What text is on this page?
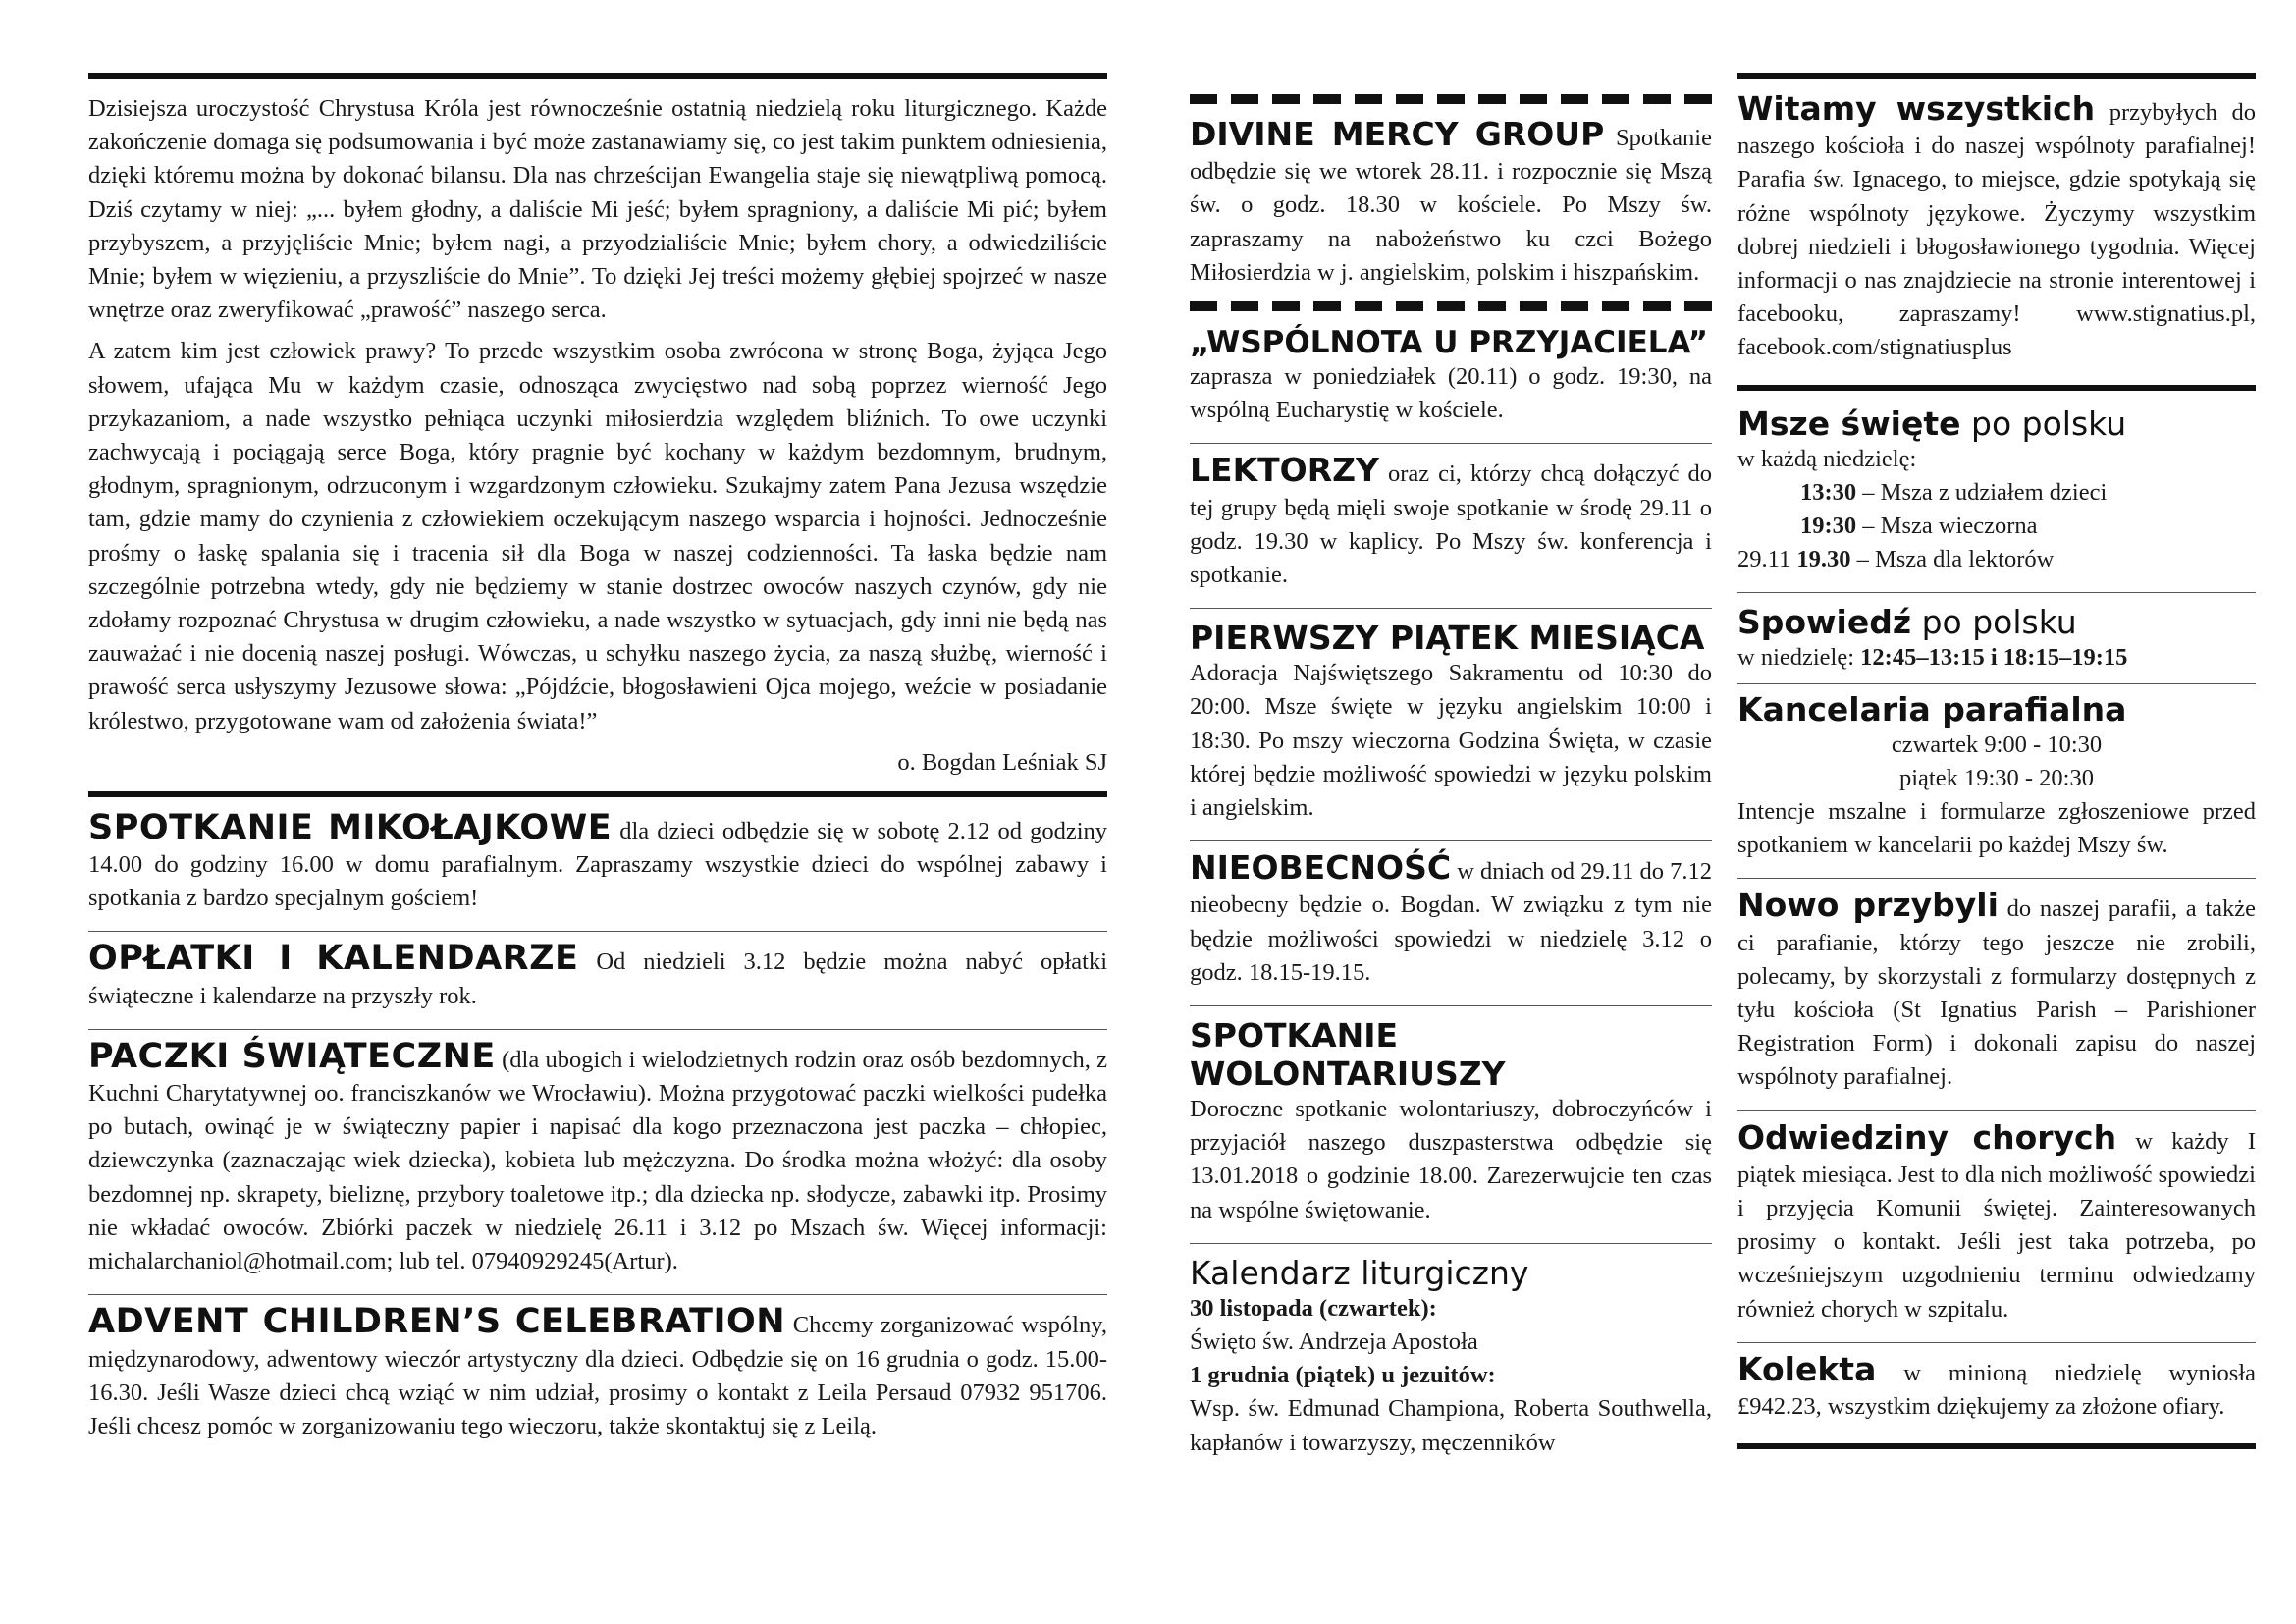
Dzisiejsza uroczystość Chrystusa Króla jest równocześnie ostatnią niedzielą roku liturgicznego. Każde zakończenie domaga się podsumowania i być może zastanawiamy się, co jest takim punktem odniesienia, dzięki któremu można by dokonać bilansu. Dla nas chrześcijan Ewangelia staje się niewątpliwą pomocą. Dziś czytamy w niej: „... byłem głodny, a daliście Mi jeść; byłem spragniony, a daliście Mi pić; byłem przybyszem, a przyjęliście Mnie; byłem nagi, a przyodzialiście Mnie; byłem chory, a odwiedziliście Mnie; byłem w więzieniu, a przyszliście do Mnie”. To dzięki Jej treści możemy głębiej spojrzeć w nasze wnętrze oraz zweryfikować „prawość” naszego serca.

A zatem kim jest człowiek prawy? To przede wszystkim osoba zwrócona w stronę Boga, żyjąca Jego słowem, ufająca Mu w każdym czasie, odnosząca zwycięstwo nad sobą poprzez wierność Jego przykazaniom, a nade wszystko pełniąca uczynki miłosierdzia względem bliźnich. To owe uczynki zachwycają i pociągają serce Boga, który pragnie być kochany w każdym bezdomnym, brudnym, głodnym, spragnionym, odrzuconym i wzgardzonym człowieku. Szukajmy zatem Pana Jezusa wszędzie tam, gdzie mamy do czynienia z człowiekiem oczekującym naszego wsparcia i hojności. Jednocześnie prośmy o łaskę spalania się i tracenia sił dla Boga w naszej codzienności. Ta łaska będzie nam szczególnie potrzebna wtedy, gdy nie będziemy w stanie dostrzec owoców naszych czynów, gdy nie zdołamy rozpoznać Chrystusa w drugim człowieku, a nade wszystko w sytuacjach, gdy inni nie będą nas zauważać i nie docenią naszej posługi. Wówczas, u schyłku naszego życia, za naszą służbę, wierność i prawość serca usłyszymy Jezusowe słowa: „Pójdźcie, błogosławieni Ojca mojego, weźcie w posiadanie królestwo, przygotowane wam od założenia świata!”

o. Bogdan Leśniak SJ

SPOTKANIE MIKOŁAJKOWE dla dzieci odbędzie się w sobotę 2.12 od godziny 14.00 do godziny 16.00 w domu parafialnym. Zapraszamy wszystkie dzieci do wspólnej zabawy i spotkania z bardzo specjalnym gościem!

OPŁATKI I KALENDARZE Od niedzieli 3.12 będzie można nabyć opłatki świąteczne i kalendarze na przyszły rok.

PACZKI ŚWIĄTECZNE (dla ubogich i wielodzietnych rodzin oraz osób bezdomnych, z Kuchni Charytatywnej oo. franciszkanów we Wrocławiu). Można przygotować paczki wielkości pudełka po butach, owinąć je w świąteczny papier i napisać dla kogo przeznaczona jest paczka – chłopiec, dziewczynka (zaznaczając wiek dziecka), kobieta lub mężczyzna. Do środka można włożyć: dla osoby bezdomnej np. skrapety, bieliznę, przybory toaletowe itp.; dla dziecka np. słodycze, zabawki itp. Prosimy nie wkładać owoców. Zbiórki paczek w niedzielę 26.11 i 3.12 po Mszach św. Więcej informacji: michalarchaniol@hotmail.com; lub tel. 07940929245(Artur).

ADVENT CHILDREN’S CELEBRATION Chcemy zorganizować wspólny, międzynarodowy, adwentowy wieczór artystyczny dla dzieci. Odbędzie się on 16 grudnia o godz. 15.00-16.30. Jeśli Wasze dzieci chcą wziąć w nim udział, prosimy o kontakt z Leila Persaud 07932 951706. Jeśli chcesz pomóc w zorganizowaniu tego wieczoru, także skontaktuj się z Leilą.

DIVINE MERCY GROUP Spotkanie odbędzie się we wtorek 28.11. i rozpocznie się Mszą św. o godz. 18.30 w kościele. Po Mszy św. zapraszamy na nabożeństwo ku czci Bożego Miłosierdzia w j. angielskim, polskim i hiszpańskim.

„WSPÓLNOTA U PRZYJACIELA”

zaprasza w poniedziałek (20.11) o godz. 19:30, na wspólną Eucharystię w kościele.

LEKTORZY oraz ci, którzy chcą dołączyć do tej grupy będą mięli swoje spotkanie w środę 29.11 o godz. 19.30 w kaplicy. Po Mszy św. konferencja i spotkanie.

PIERWSZY PIĄTEK MIESIĄCA

Adoracja Najświętszego Sakramentu od 10:30 do 20:00. Msze święte w języku angielskim 10:00 i 18:30. Po mszy wieczorna Godzina Święta, w czasie której będzie możliwość spowiedzi w języku polskim i angielskim.

NIEOBECNOŚĆ w dniach od 29.11 do 7.12 nieobecny będzie o. Bogdan. W związku z tym nie będzie możliwości spowiedzi w niedzielę 3.12 o godz. 18.15-19.15.

SPOTKANIE WOLONTARIUSZY

Doroczne spotkanie wolontariuszy, dobroczyńców i przyjaciół naszego duszpasterstwa odbędzie się 13.01.2018 o godzinie 18.00. Zarezerwujcie ten czas na wspólne świętowanie.

Kalendarz liturgiczny
30 listopada (czwartek):
Święto św. Andrzeja Apostoła
1 grudnia (piątek) u jezuitów:

Wsp. św. Edmunad Championa, Roberta Southwella, kapłanów i towarzyszy, męczenników

Witamy wszystkich przybyłych do naszego kościoła i do naszej wspólnoty parafialnej! Parafia św. Ignacego, to miejsce, gdzie spotykają się różne wspólnoty językowe. Życzymy wszystkim dobrej niedzieli i błogosławionego tygodnia. Więcej informacji o nas znajdziecie na stronie interentowej i facebooku, zapraszamy! www.stignatius.pl, facebook.com/stignatiusplus

Msze święte po polsku
w każdą niedzielę:
13:30 – Msza z udziałem dzieci
19:30 – Msza wieczorna
29.11 19.30 – Msza dla lektorów
Spowiedź po polsku
w niedzielę: 12:45–13:15 i 18:15–19:15
Kancelaria parafialna
czwartek 9:00 - 10:30
piątek 19:30 - 20:30

Intencje mszalne i formularze zgłoszeniowe przed spotkaniem w kancelarii po każdej Mszy św.

Nowo przybyli do naszej parafii, a także ci parafianie, którzy tego jeszcze nie zrobili, polecamy, by skorzystali z formularzy dostępnych z tyłu kościoła (St Ignatius Parish – Parishioner Registration Form) i dokonali zapisu do naszej wspólnoty parafialnej.

Odwiedziny chorych w każdy I piątek miesiąca. Jest to dla nich możliwość spowiedzi i przyjęcia Komunii świętej. Zainteresowanych prosimy o kontakt. Jeśli jest taka potrzeba, po wcześniejszym uzgodnieniu terminu odwiedzamy również chorych w szpitalu.

Kolekta w minioną niedzielę wyniosła £942.23, wszystkim dziękujemy za złożone ofiary.
